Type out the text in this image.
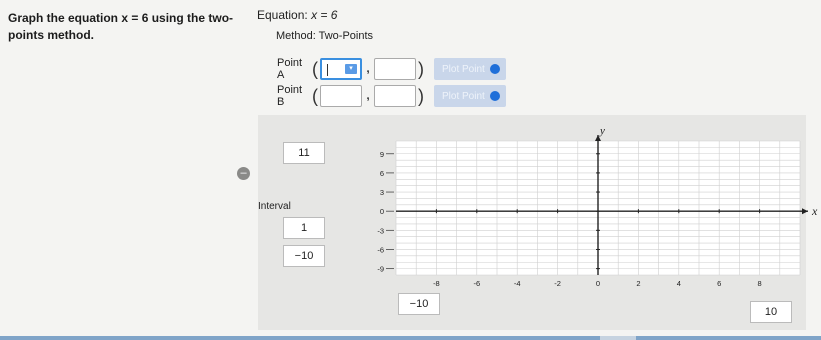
Graph the equation x = 6 using the two-
points method.
Equation: x = 6
Method: Two-Points
Point A	(	▾	,	) Plot Point
Point B	(	,	) Plot Point
–
11
Interval
1
−10
−10
10
x
y
-8	-6	-4	-2	0	2	4	6	8
9
6
3
0
-3
-6
-9
